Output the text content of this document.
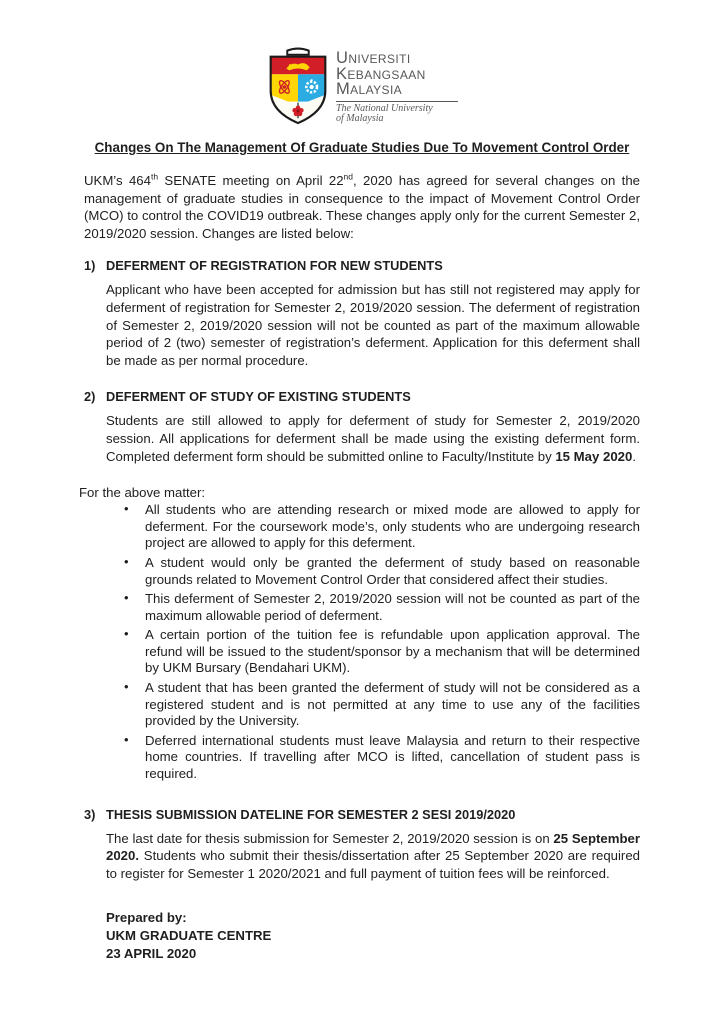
Universiti
Kebangsaan
Malaysia
The National University
of Malaysia
Changes On The Management Of Graduate Studies Due To Movement Control Order

UKM’s 464th SENATE meeting on April 22nd, 2020 has agreed for several changes on the management of graduate studies in consequence to the impact of Movement Control Order (MCO) to control the COVID19 outbreak. These changes apply only for the current Semester 2, 2019/2020 session. Changes are listed below:

1) DEFERMENT OF REGISTRATION FOR NEW STUDENTS

Applicant who have been accepted for admission but has still not registered may apply for deferment of registration for Semester 2, 2019/2020 session. The deferment of registration of Semester 2, 2019/2020 session will not be counted as part of the maximum allowable period of 2 (two) semester of registration’s deferment. Application for this deferment shall be made as per normal procedure.

2) DEFERMENT OF STUDY OF EXISTING STUDENTS

Students are still allowed to apply for deferment of study for Semester 2, 2019/2020 session. All applications for deferment shall be made using the existing deferment form. Completed deferment form should be submitted online to Faculty/Institute by 15 May 2020.

For the above matter:

• All students who are attending research or mixed mode are allowed to apply for deferment. For the coursework mode’s, only students who are undergoing research project are allowed to apply for this deferment.
• A student would only be granted the deferment of study based on reasonable grounds related to Movement Control Order that considered affect their studies.
• This deferment of Semester 2, 2019/2020 session will not be counted as part of the maximum allowable period of deferment.
• A certain portion of the tuition fee is refundable upon application approval. The refund will be issued to the student/sponsor by a mechanism that will be determined by UKM Bursary (Bendahari UKM).
• A student that has been granted the deferment of study will not be considered as a registered student and is not permitted at any time to use any of the facilities provided by the University.
• Deferred international students must leave Malaysia and return to their respective home countries. If travelling after MCO is lifted, cancellation of student pass is required.
3) THESIS SUBMISSION DATELINE FOR SEMESTER 2 SESI 2019/2020

The last date for thesis submission for Semester 2, 2019/2020 session is on 25 September 2020. Students who submit their thesis/dissertation after 25 September 2020 are required to register for Semester 1 2020/2021 and full payment of tuition fees will be reinforced.

Prepared by:
UKM GRADUATE CENTRE
23 APRIL 2020
